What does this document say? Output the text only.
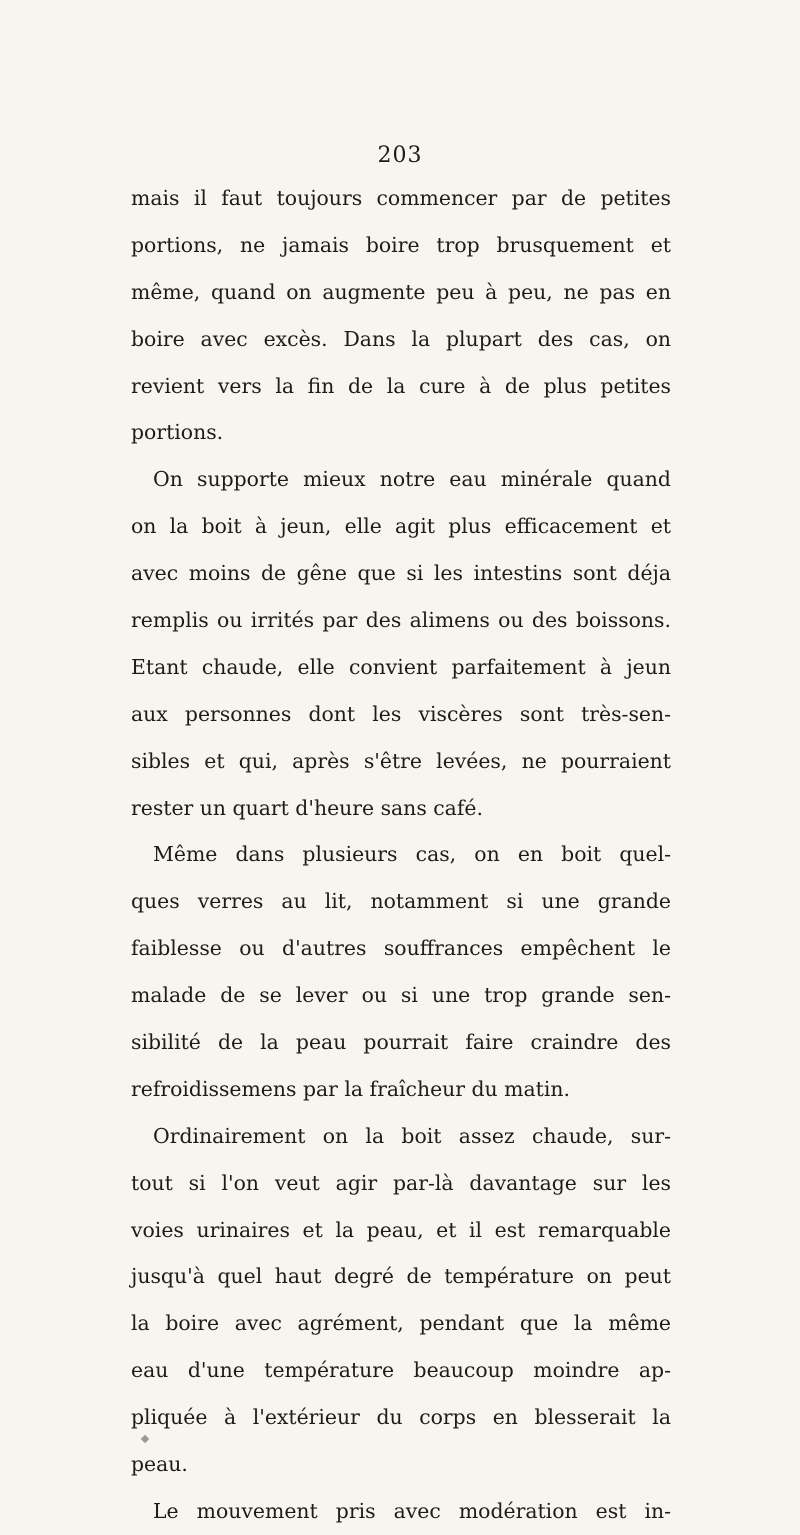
203
mais il faut toujours commencer par de petites
portions, ne jamais boire trop brusquement et
même, quand on augmente peu à peu, ne pas en
boire avec excès. Dans la plupart des cas, on
revient vers la fin de la cure à de plus petites
portions.
On supporte mieux notre eau minérale quand
on la boit à jeun, elle agit plus efficacement et
avec moins de gêne que si les intestins sont déja
remplis ou irrités par des alimens ou des boissons.
Etant chaude, elle convient parfaitement à jeun
aux personnes dont les viscères sont très-sen-
sibles et qui, après s'être levées, ne pourraient
rester un quart d'heure sans café.
Même dans plusieurs cas, on en boit quel-
ques verres au lit, notamment si une grande
faiblesse ou d'autres souffrances empêchent le
malade de se lever ou si une trop grande sen-
sibilité de la peau pourrait faire craindre des
refroidissemens par la fraîcheur du matin.
Ordinairement on la boit assez chaude, sur-
tout si l'on veut agir par-là davantage sur les
voies urinaires et la peau, et il est remarquable
jusqu'à quel haut degré de température on peut
la boire avec agrément, pendant que la même
eau d'une température beaucoup moindre ap-
pliquée à l'extérieur du corps en blesserait la
peau.
Le mouvement pris avec modération est in-
